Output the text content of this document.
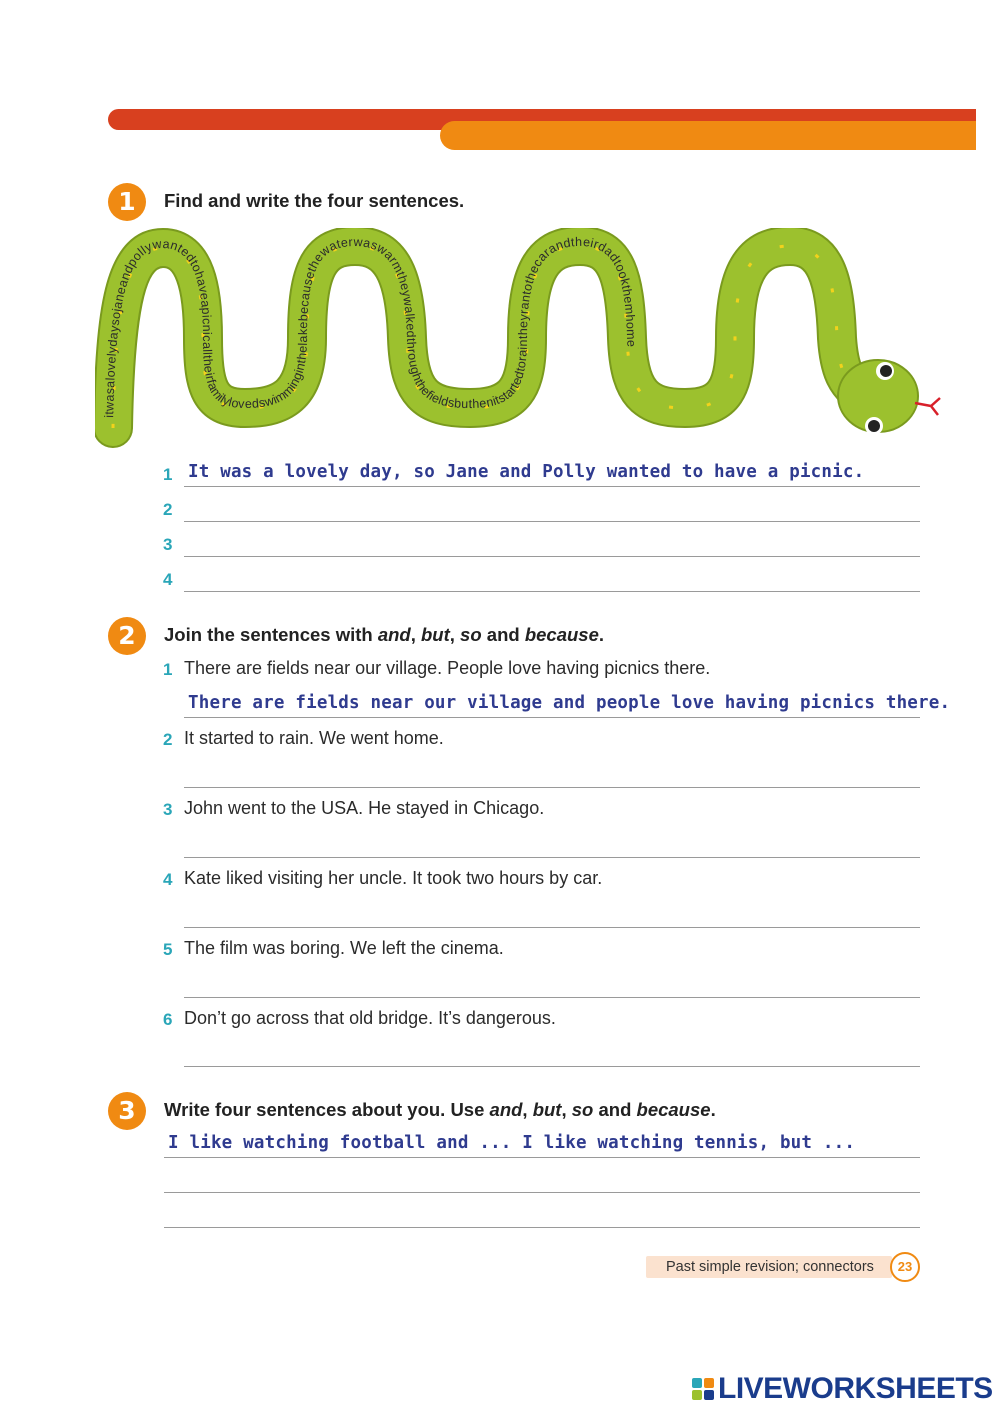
1	Find and write the four sentences.
itwasalovelydaysojaneandpollywantedtohaveapicnicalltheirfamilylovedswimminginthelakebecausethewaterwaswarmtheywalkedthroughthefieldsbuthenitstartedtoraintheyrantothecarandtheirdadtookthemhome
1 It was a lovely day, so Jane and Polly wanted to have a picnic.
2
3
4
2	Join the sentences with and, but, so and because.
1 There are fields near our village. People love having picnics there.
There are fields near our village and people love having picnics there.
2 It started to rain. We went home.
3 John went to the USA. He stayed in Chicago.
4 Kate liked visiting her uncle. It took two hours by car.
5 The film was boring. We left the cinema.
6 Don’t go across that old bridge. It’s dangerous.
3	Write four sentences about you. Use and, but, so and because.
I like watching football and ... I like watching tennis, but ...
Past simple revision; connectors	23
LIVEWORKSHEETS
